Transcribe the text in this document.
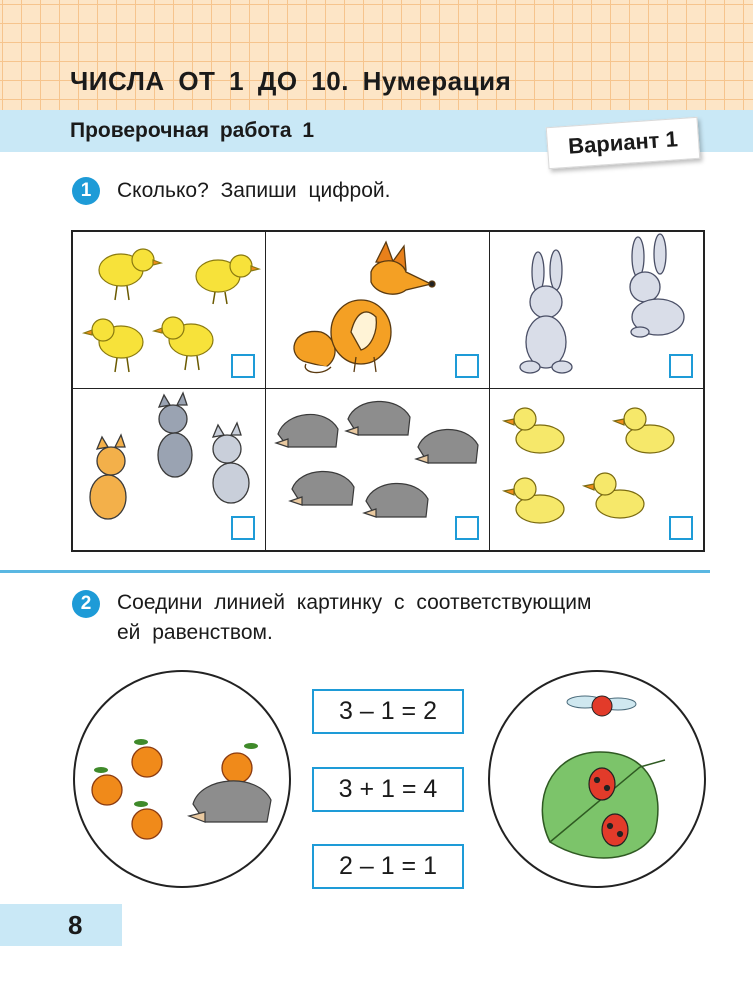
ЧИСЛА ОТ 1 ДО 10. Нумерация
Проверочная работа 1	Вариант 1
1	Сколько? Запиши цифрой.
2	Соедини линией картинку с соответствующим
ей равенством.
3 – 1 = 2
3 + 1 = 4
2 – 1 = 1
8
